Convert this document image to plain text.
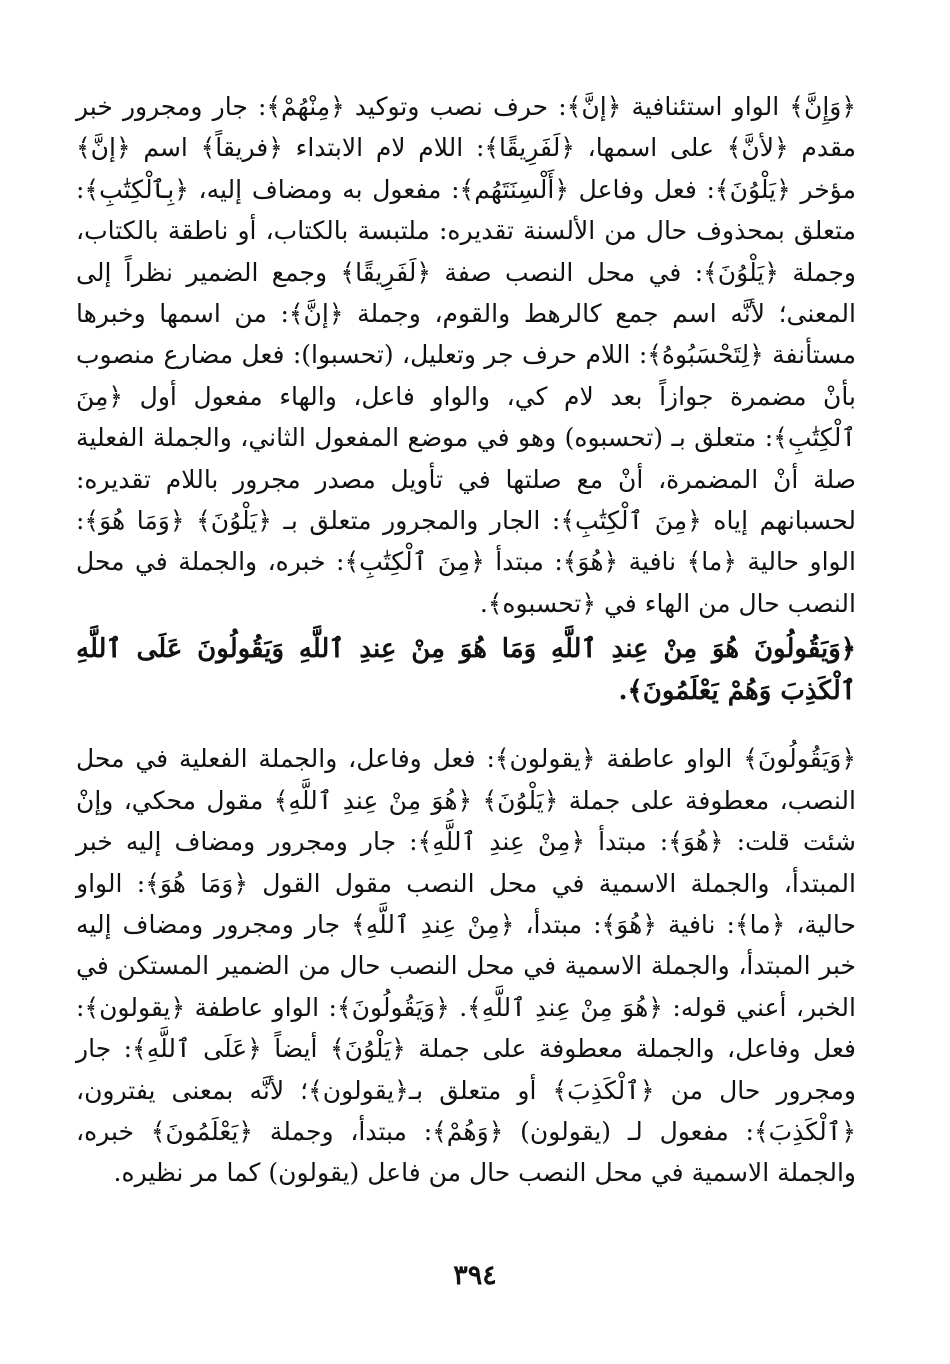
﴿وَإِنَّ﴾ الواو استئنافية ﴿إنَّ﴾: حرف نصب وتوكيد ﴿مِنْهُمْ﴾: جار ومجرور خبر مقدم ﴿لأنَّ﴾ على اسمها، ﴿لَفَرِيقًا﴾: اللام لام الابتداء ﴿فريقاً﴾ اسم ﴿إنَّ﴾ مؤخر ﴿يَلْوُنَ﴾: فعل وفاعل ﴿أَلْسِنَتَهُم﴾: مفعول به ومضاف إليه، ﴿بِٱلْكِتَٰبِ﴾: متعلق بمحذوف حال من الألسنة تقديره: ملتبسة بالكتاب، أو ناطقة بالكتاب، وجملة ﴿يَلْوُنَ﴾: في محل النصب صفة ﴿لَفَرِيقًا﴾ وجمع الضمير نظراً إلى المعنى؛ لأنَّه اسم جمع كالرهط والقوم، وجملة ﴿إنَّ﴾: من اسمها وخبرها مستأنفة ﴿لِتَحْسَبُوهُ﴾: اللام حرف جر وتعليل، (تحسبوا): فعل مضارع منصوب بأنْ مضمرة جوازاً بعد لام كي، والواو فاعل، والهاء مفعول أول ﴿مِنَ ٱلْكِتَٰبِ﴾: متعلق بـ (تحسبوه) وهو في موضع المفعول الثاني، والجملة الفعلية صلة أنْ المضمرة، أنْ مع صلتها في تأويل مصدر مجرور باللام تقديره: لحسبانهم إياه ﴿مِنَ ٱلْكِتَٰبِ﴾: الجار والمجرور متعلق بـ ﴿يَلْوُنَ﴾ ﴿وَمَا هُوَ﴾: الواو حالية ﴿ما﴾ نافية ﴿هُوَ﴾: مبتدأ ﴿مِنَ ٱلْكِتَٰبِ﴾: خبره، والجملة في محل النصب حال من الهاء في ﴿تحسبوه﴾.

﴿وَيَقُولُونَ هُوَ مِنْ عِندِ ٱللَّهِ وَمَا هُوَ مِنْ عِندِ ٱللَّهِ وَيَقُولُونَ عَلَى ٱللَّهِ ٱلْكَذِبَ وَهُمْ يَعْلَمُونَ﴾.

﴿وَيَقُولُونَ﴾ الواو عاطفة ﴿يقولون﴾: فعل وفاعل، والجملة الفعلية في محل النصب، معطوفة على جملة ﴿يَلْوُنَ﴾ ﴿هُوَ مِنْ عِندِ ٱللَّهِ﴾ مقول محكي، وإنْ شئت قلت: ﴿هُوَ﴾: مبتدأ ﴿مِنْ عِندِ ٱللَّهِ﴾: جار ومجرور ومضاف إليه خبر المبتدأ، والجملة الاسمية في محل النصب مقول القول ﴿وَمَا هُوَ﴾: الواو حالية، ﴿ما﴾: نافية ﴿هُوَ﴾: مبتدأ، ﴿مِنْ عِندِ ٱللَّهِ﴾ جار ومجرور ومضاف إليه خبر المبتدأ، والجملة الاسمية في محل النصب حال من الضمير المستكن في الخبر، أعني قوله: ﴿هُوَ مِنْ عِندِ ٱللَّهِ﴾. ﴿وَيَقُولُونَ﴾: الواو عاطفة ﴿يقولون﴾: فعل وفاعل، والجملة معطوفة على جملة ﴿يَلْوُنَ﴾ أيضاً ﴿عَلَى ٱللَّهِ﴾: جار ومجرور حال من ﴿ٱلْكَذِبَ﴾ أو متعلق بـ﴿يقولون﴾؛ لأنَّه بمعنى يفترون، ﴿ٱلْكَذِبَ﴾: مفعول لـ (يقولون) ﴿وَهُمْ﴾: مبتدأ، وجملة ﴿يَعْلَمُونَ﴾ خبره، والجملة الاسمية في محل النصب حال من فاعل (يقولون) كما مر نظيره.

٣٩٤
